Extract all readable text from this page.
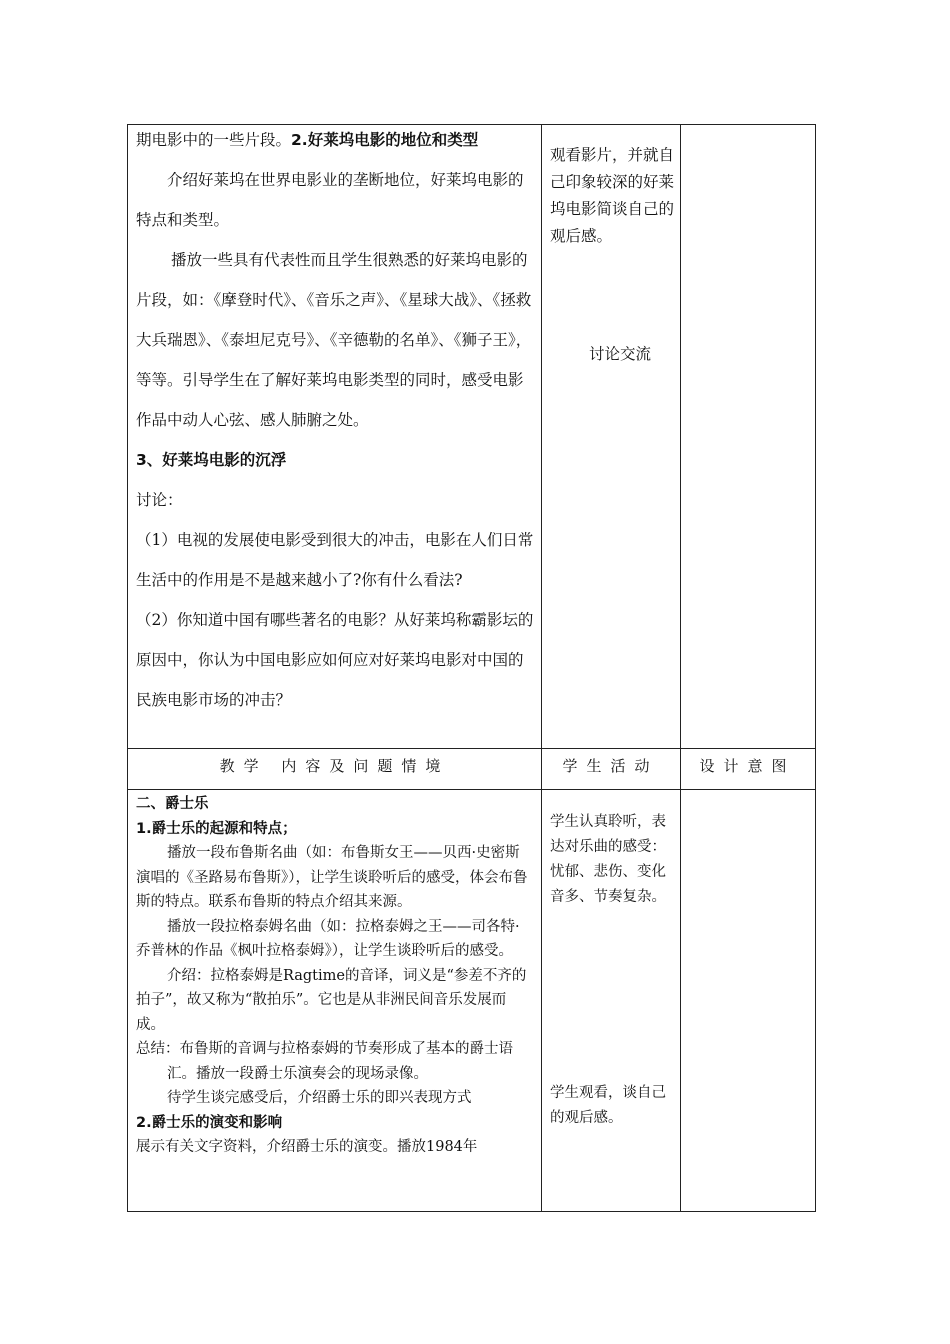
期电影中的一些片段。2.好莱坞电影的地位和类型

介绍好莱坞在世界电影业的垄断地位，好莱坞电影的特点和类型。

播放一些具有代表性而且学生很熟悉的好莱坞电影的片段，如：《摩登时代》、《音乐之声》、《星球大战》、《拯救大兵瑞恩》、《泰坦尼克号》、《辛德勒的名单》、《狮子王》，等等。引导学生在了解好莱坞电影类型的同时，感受电影作品中动人心弦、感人肺腑之处。

3、好莱坞电影的沉浮

讨论：

（1）电视的发展使电影受到很大的冲击，电影在人们日常生活中的作用是不是越来越小了?你有什么看法?

（2）你知道中国有哪些著名的电影？从好莱坞称霸影坛的原因中，你认为中国电影应如何应对好莱坞电影对中国的民族电影市场的冲击？

观看影片，并就自己印象较深的好莱坞电影简谈自己的观后感。

讨论交流

教学 内容及问题情境	学生活动	设计意图

二、爵士乐

1.爵士乐的起源和特点；

播放一段布鲁斯名曲（如：布鲁斯女王——贝西·史密斯演唱的《圣路易布鲁斯》），让学生谈聆听后的感受，体会布鲁斯的特点。联系布鲁斯的特点介绍其来源。

播放一段拉格泰姆名曲（如：拉格泰姆之王——司各特·乔普林的作品《枫叶拉格泰姆》），让学生谈聆听后的感受。

介绍：拉格泰姆是Ragtime的音译，词义是“参差不齐的拍子”，故又称为“散拍乐”。它也是从非洲民间音乐发展而成。

总结：布鲁斯的音调与拉格泰姆的节奏形成了基本的爵士语汇。播放一段爵士乐演奏会的现场录像。

待学生谈完感受后，介绍爵士乐的即兴表现方式

2.爵士乐的演变和影响

展示有关文字资料，介绍爵士乐的演变。播放1984年

学生认真聆听，表达对乐曲的感受：忧郁、悲伤、变化音多、节奏复杂。

学生观看，谈自己的观后感。
